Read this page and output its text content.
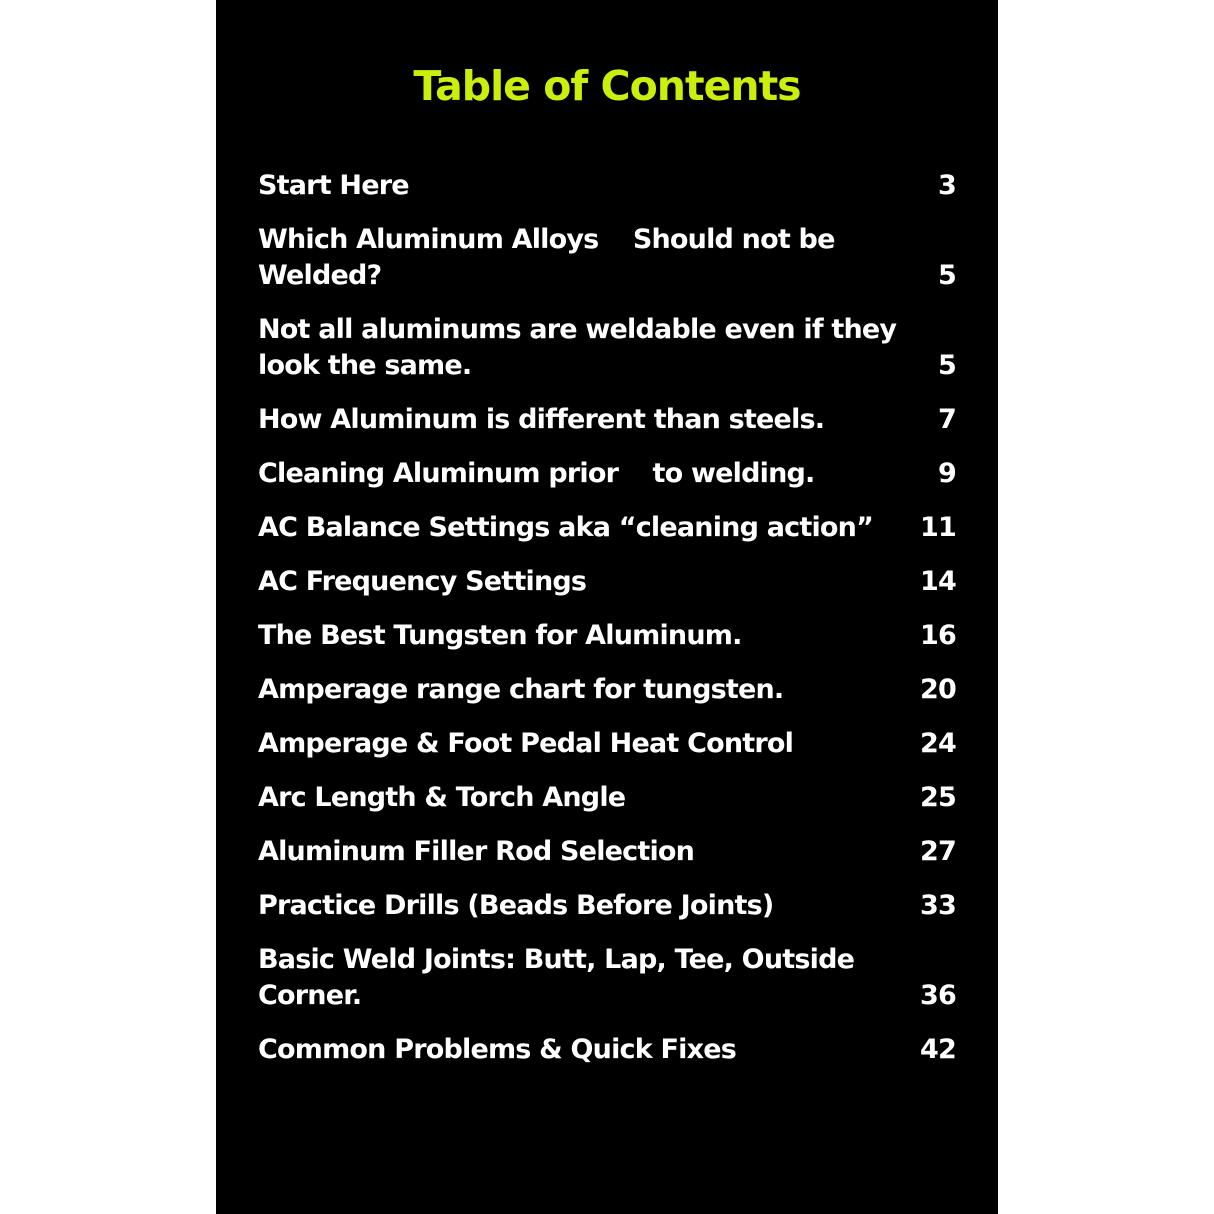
Table of Contents
Start Here	3
Which Aluminum Alloys    Should not be
Welded?	5
Not all aluminums are weldable even if they
look the same.	5
How Aluminum is different than steels.	7
Cleaning Aluminum prior    to welding.	9
AC Balance Settings aka “cleaning action”	11
AC Frequency Settings	14
The Best Tungsten for Aluminum.	16
Amperage range chart for tungsten.	20
Amperage & Foot Pedal Heat Control	24
Arc Length & Torch Angle	25
Aluminum Filler Rod Selection	27
Practice Drills (Beads Before Joints)	33
Basic Weld Joints: Butt, Lap, Tee, Outside
Corner.	36
Common Problems & Quick Fixes	42
